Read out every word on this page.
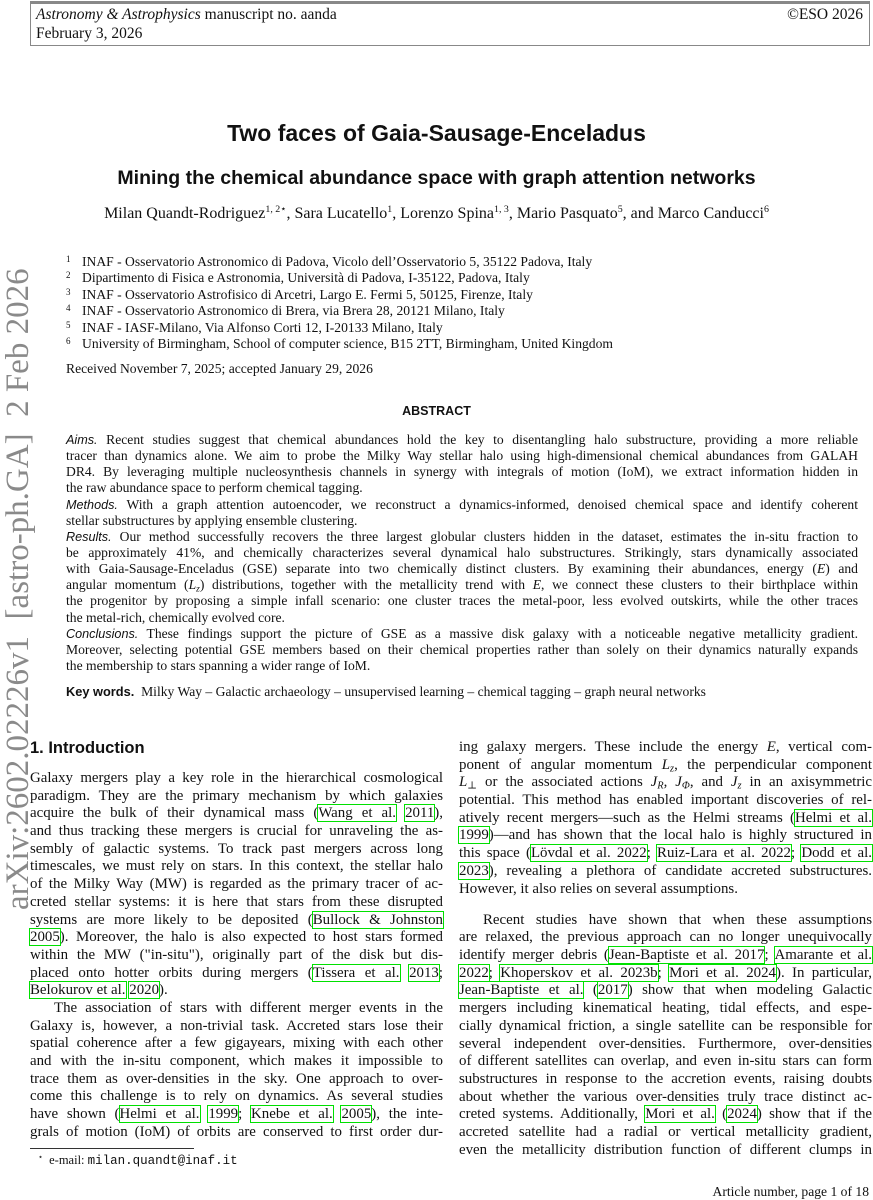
arXiv:2602.02226v1  [astro-ph.GA]  2 Feb 2026
Astronomy & Astrophysics manuscript no. aanda
February 3, 2026
©ESO 2026
Two faces of Gaia-Sausage-Enceladus
Mining the chemical abundance space with graph attention networks
Milan Quandt-Rodriguez$^{1, 2⋆}$, Sara Lucatello$^1$, Lorenzo Spina$^{1, 3}$, Mario Pasquato$^5$, and Marco Canducci$^6$
1 INAF - Osservatorio Astronomico di Padova, Vicolo dell’Osservatorio 5, 35122 Padova, Italy
2 Dipartimento di Fisica e Astronomia, Università di Padova, I-35122, Padova, Italy
3 INAF - Osservatorio Astrofisico di Arcetri, Largo E. Fermi 5, 50125, Firenze, Italy
4 INAF - Osservatorio Astronomico di Brera, via Brera 28, 20121 Milano, Italy
5 INAF - IASF-Milano, Via Alfonso Corti 12, I-20133 Milano, Italy
6 University of Birmingham, School of computer science, B15 2TT, Birmingham, United Kingdom
Received November 7, 2025; accepted January 29, 2026
ABSTRACT
Aims. Recent studies suggest that chemical abundances hold the key to disentangling halo substructure, providing a more reliable
tracer than dynamics alone. We aim to probe the Milky Way stellar halo using high-dimensional chemical abundances from GALAH
DR4. By leveraging multiple nucleosynthesis channels in synergy with integrals of motion (IoM), we extract information hidden in
the raw abundance space to perform chemical tagging.
Methods. With a graph attention autoencoder, we reconstruct a dynamics-informed, denoised chemical space and identify coherent
stellar substructures by applying ensemble clustering.
Results. Our method successfully recovers the three largest globular clusters hidden in the dataset, estimates the in-situ fraction to
be approximately 41%, and chemically characterizes several dynamical halo substructures. Strikingly, stars dynamically associated
with Gaia-Sausage-Enceladus (GSE) separate into two chemically distinct clusters. By examining their abundances, energy (E) and
angular momentum $(L_z)$ distributions, together with the metallicity trend with E, we connect these clusters to their birthplace within
the progenitor by proposing a simple infall scenario: one cluster traces the metal-poor, less evolved outskirts, while the other traces
the metal-rich, chemically evolved core.
Conclusions. These findings support the picture of GSE as a massive disk galaxy with a noticeable negative metallicity gradient.
Moreover, selecting potential GSE members based on their chemical properties rather than solely on their dynamics naturally expands
the membership to stars spanning a wider range of IoM.
Key words. Milky Way – Galactic archaeology – unsupervised learning – chemical tagging – graph neural networks
1. Introduction
Galaxy mergers play a key role in the hierarchical cosmological
paradigm. They are the primary mechanism by which galaxies
acquire the bulk of their dynamical mass (Wang et al. 2011),
and thus tracking these mergers is crucial for unraveling the as-
sembly of galactic systems. To track past mergers across long
timescales, we must rely on stars. In this context, the stellar halo
of the Milky Way (MW) is regarded as the primary tracer of ac-
creted stellar systems: it is here that stars from these disrupted
systems are more likely to be deposited (Bullock & Johnston
2005). Moreover, the halo is also expected to host stars formed
within the MW ("in-situ"), originally part of the disk but dis-
placed onto hotter orbits during mergers (Tissera et al. 2013;
Belokurov et al. 2020).
The association of stars with different merger events in the
Galaxy is, however, a non-trivial task. Accreted stars lose their
spatial coherence after a few gigayears, mixing with each other
and with the in-situ component, which makes it impossible to
trace them as over-densities in the sky. One approach to over-
come this challenge is to rely on dynamics. As several studies
have shown (Helmi et al. 1999; Knebe et al. 2005), the inte-
grals of motion (IoM) of orbits are conserved to first order dur-
ing galaxy mergers. These include the energy E, vertical com-
ponent of angular momentum $L_z$, the perpendicular component
$L_\perp$ or the associated actions $J_R$, $J_\Phi$, and $J_z$ in an axisymmetric
potential. This method has enabled important discoveries of rel-
atively recent mergers—such as the Helmi streams (Helmi et al.
1999)—and has shown that the local halo is highly structured in
this space (Lövdal et al. 2022; Ruiz-Lara et al. 2022; Dodd et al.
2023), revealing a plethora of candidate accreted substructures.
However, it also relies on several assumptions.
Recent studies have shown that when these assumptions
are relaxed, the previous approach can no longer unequivocally
identify merger debris (Jean-Baptiste et al. 2017; Amarante et al.
2022; Khoperskov et al. 2023b; Mori et al. 2024). In particular,
Jean-Baptiste et al. (2017) show that when modeling Galactic
mergers including kinematical heating, tidal effects, and espe-
cially dynamical friction, a single satellite can be responsible for
several independent over-densities. Furthermore, over-densities
of different satellites can overlap, and even in-situ stars can form
substructures in response to the accretion events, raising doubts
about whether the various over-densities truly trace distinct ac-
creted systems. Additionally, Mori et al. (2024) show that if the
accreted satellite had a radial or vertical metallicity gradient,
even the metallicity distribution function of different clumps in
⋆ e-mail: milan.quandt@inaf.it
Article number, page 1 of 18
